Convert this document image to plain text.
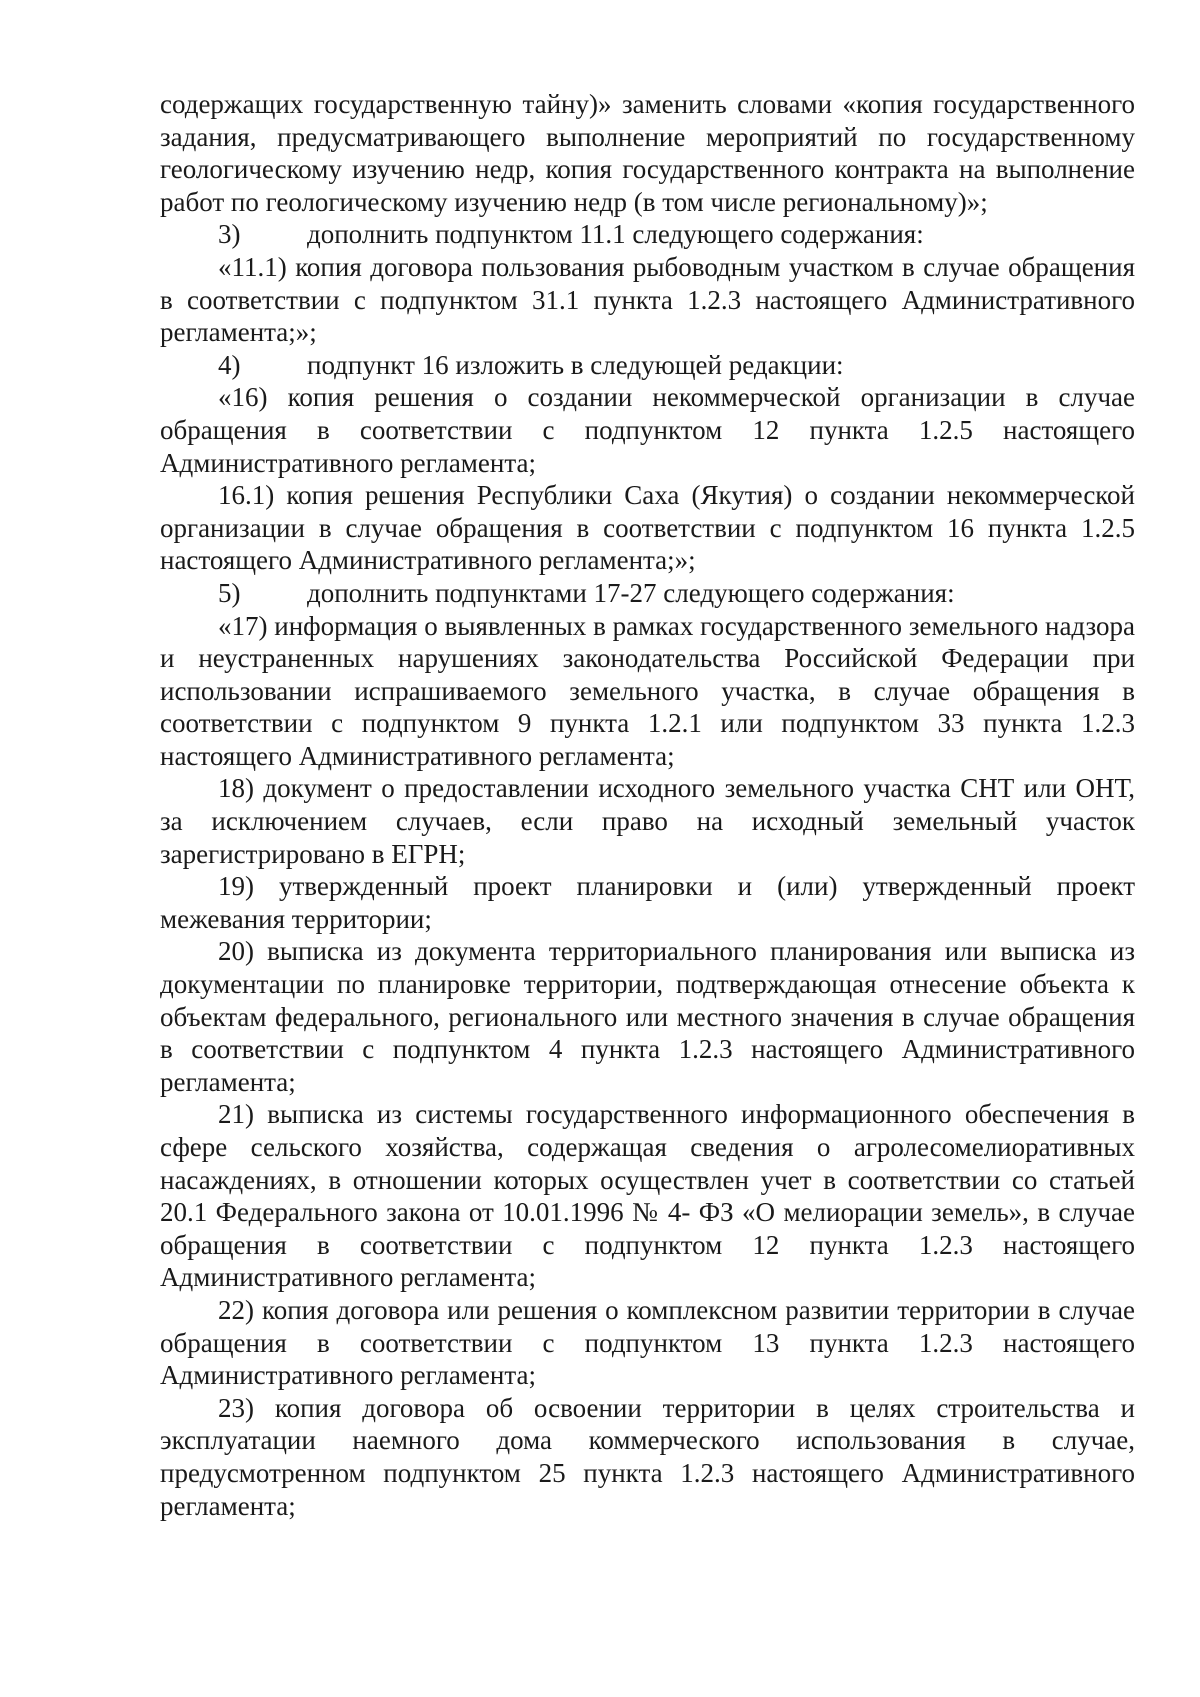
содержащих государственную тайну)» заменить словами «копия государственного задания, предусматривающего выполнение мероприятий по государственному геологическому изучению недр, копия государственного контракта на выполнение работ по геологическому изучению недр (в том числе региональному)»;

3)	дополнить подпунктом 11.1 следующего содержания:

«11.1) копия договора пользования рыбоводным участком в случае обращения в соответствии с подпунктом 31.1 пункта 1.2.3 настоящего Административного регламента;»;

4)	подпункт 16 изложить в следующей редакции:

«16) копия решения о создании некоммерческой организации в случае обращения в соответствии с подпунктом 12 пункта 1.2.5 настоящего Административного регламента;

16.1) копия решения Республики Саха (Якутия) о создании некоммерческой организации в случае обращения в соответствии с подпунктом 16 пункта 1.2.5 настоящего Административного регламента;»;

5)	дополнить подпунктами 17-27 следующего содержания:

«17) информация о выявленных в рамках государственного земельного надзора и неустраненных нарушениях законодательства Российской Федерации при использовании испрашиваемого земельного участка, в случае обращения в соответствии с подпунктом 9 пункта 1.2.1 или подпунктом 33 пункта 1.2.3 настоящего Административного регламента;

18) документ о предоставлении исходного земельного участка СНТ или ОНТ, за исключением случаев, если право на исходный земельный участок зарегистрировано в ЕГРН;

19) утвержденный проект планировки и (или) утвержденный проект межевания территории;

20) выписка из документа территориального планирования или выписка из документации по планировке территории, подтверждающая отнесение объекта к объектам федерального, регионального или местного значения в случае обращения в соответствии с подпунктом 4 пункта 1.2.3 настоящего Административного регламента;

21) выписка из системы государственного информационного обеспечения в сфере сельского хозяйства, содержащая сведения о агролесомелиоративных насаждениях, в отношении которых осуществлен учет в соответствии со статьей 20.1 Федерального закона от 10.01.1996 № 4- ФЗ «О мелиорации земель», в случае обращения в соответствии с подпунктом 12 пункта 1.2.3 настоящего Административного регламента;

22) копия договора или решения о комплексном развитии территории в случае обращения в соответствии с подпунктом 13 пункта 1.2.3 настоящего Административного регламента;

23) копия договора об освоении территории в целях строительства и эксплуатации наемного дома коммерческого использования в случае, предусмотренном подпунктом 25 пункта 1.2.3 настоящего Административного регламента;
